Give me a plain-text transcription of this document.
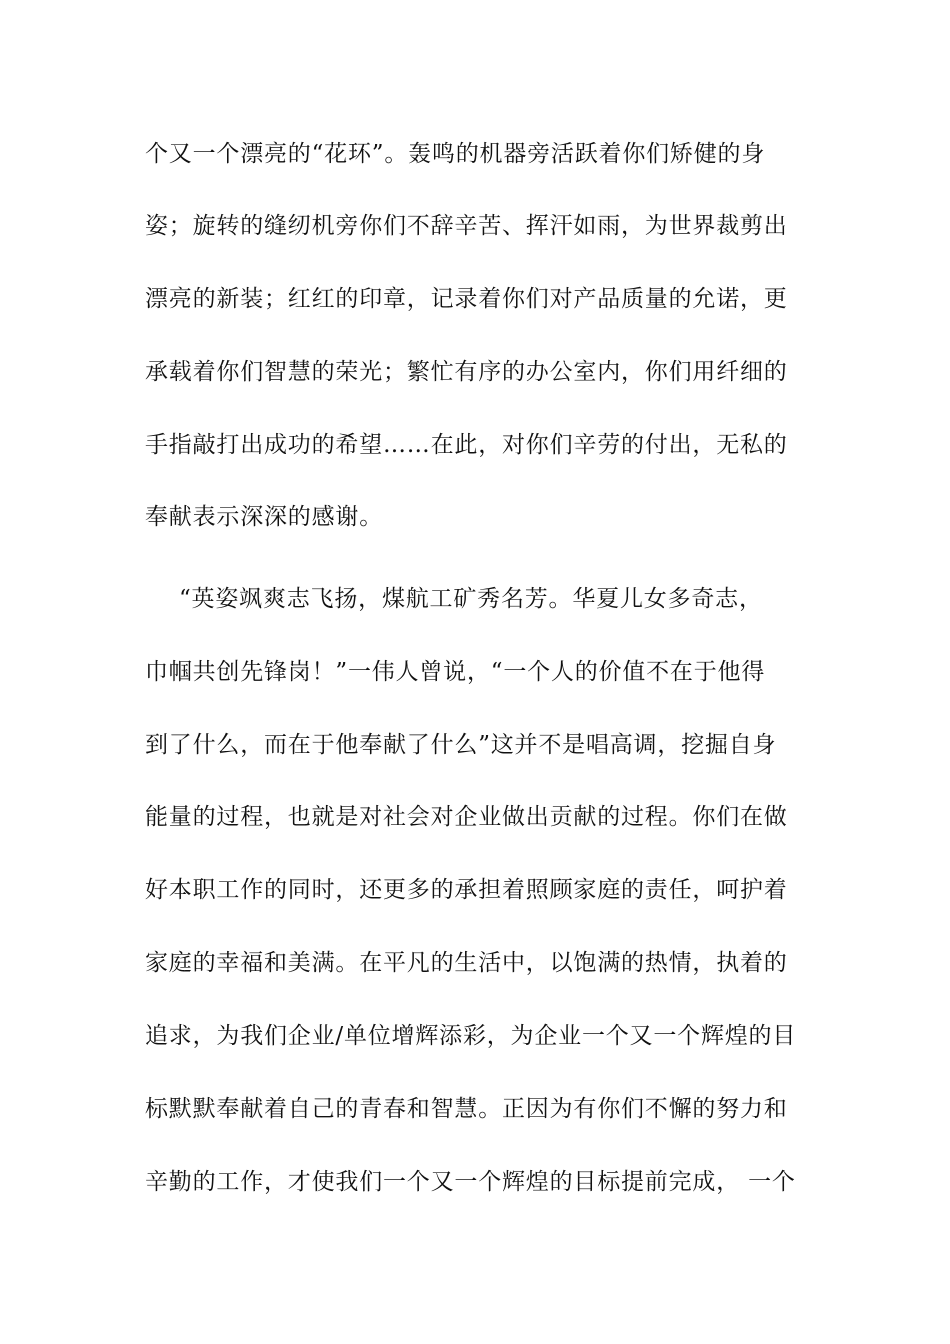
个又一个漂亮的“花环”。轰鸣的机器旁活跃着你们矫健的身
姿；旋转的缝纫机旁你们不辞辛苦、挥汗如雨，为世界裁剪出
漂亮的新装；红红的印章，记录着你们对产品质量的允诺，更
承载着你们智慧的荣光；繁忙有序的办公室内，你们用纤细的
手指敲打出成功的希望……在此，对你们辛劳的付出，无私的
奉献表示深深的感谢。
“英姿飒爽志飞扬，煤航工矿秀名芳。华夏儿女多奇志，
巾帼共创先锋岗！”一伟人曾说，“一个人的价值不在于他得
到了什么，而在于他奉献了什么”这并不是唱高调，挖掘自身
能量的过程，也就是对社会对企业做出贡献的过程。你们在做
好本职工作的同时，还更多的承担着照顾家庭的责任，呵护着
家庭的幸福和美满。在平凡的生活中，以饱满的热情，执着的
追求，为我们企业/单位增辉添彩，为企业一个又一个辉煌的目
标默默奉献着自己的青春和智慧。正因为有你们不懈的努力和
辛勤的工作，才使我们一个又一个辉煌的目标提前完成， 一个
